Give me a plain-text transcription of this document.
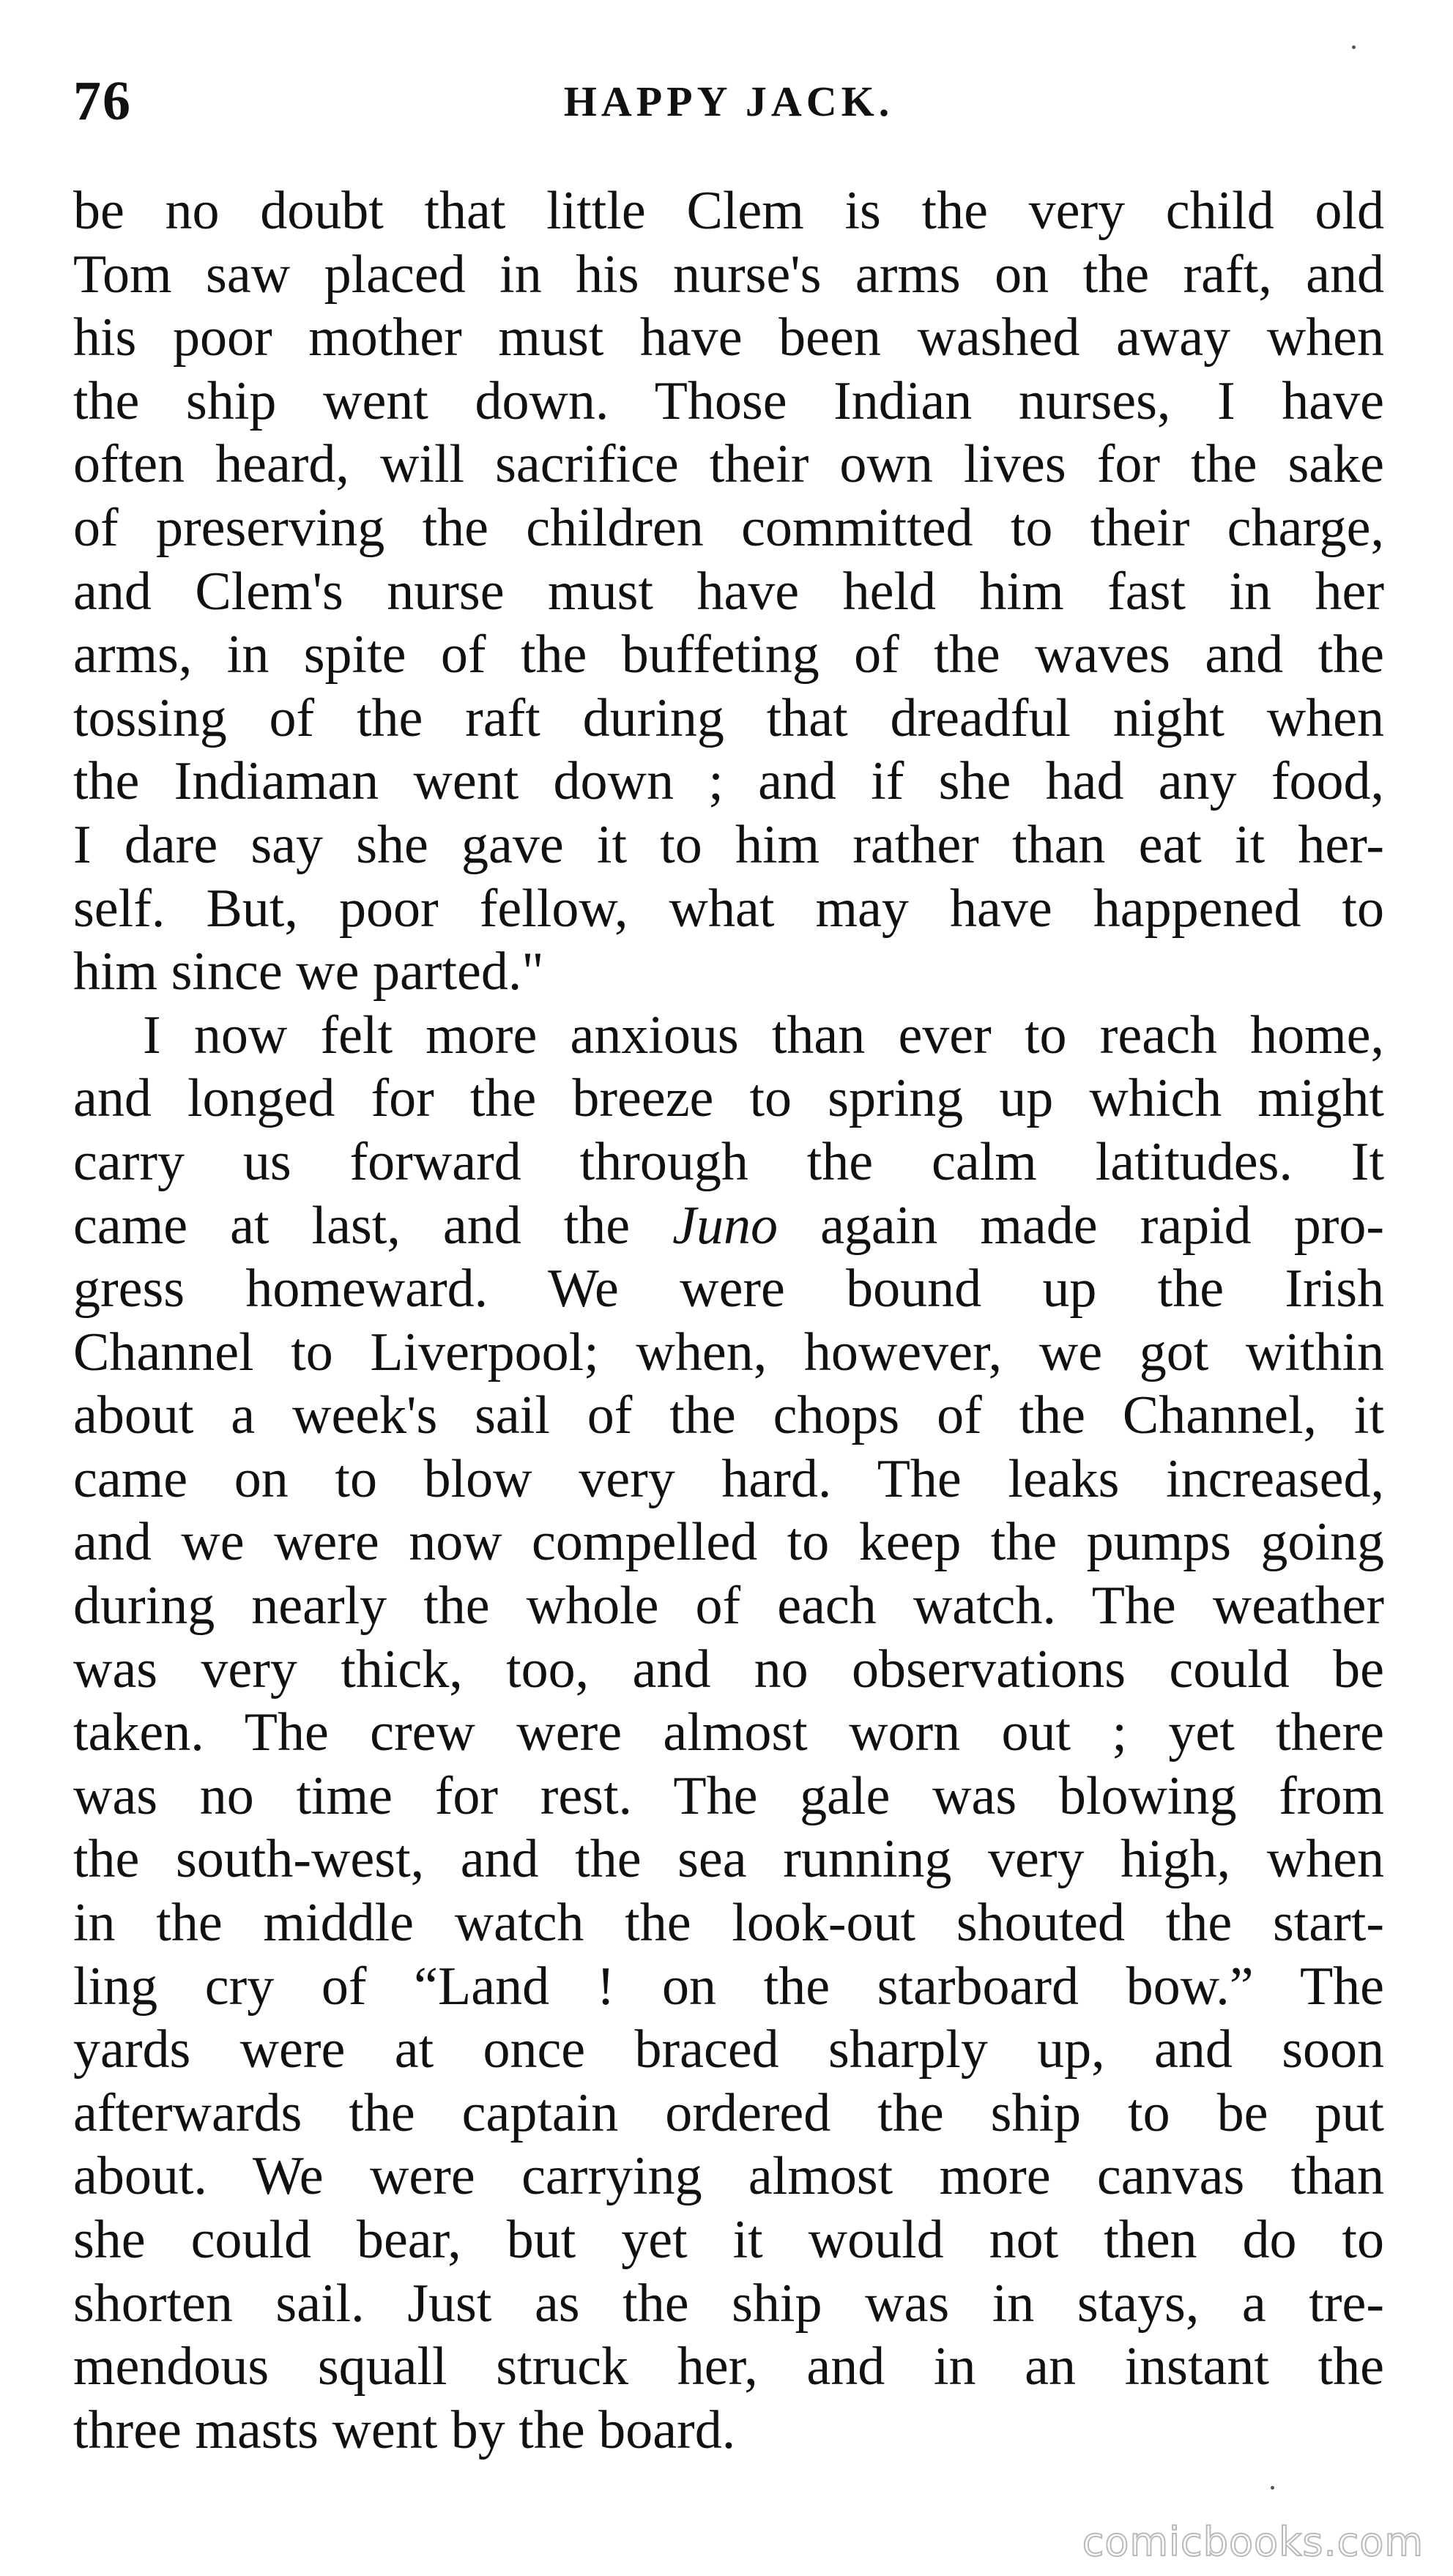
76	HAPPY JACK.
be no doubt that little Clem is the very child old
Tom saw placed in his nurse's arms on the raft, and
his poor mother must have been washed away when
the ship went down. Those Indian nurses, I have
often heard, will sacrifice their own lives for the sake
of preserving the children committed to their charge,
and Clem's nurse must have held him fast in her
arms, in spite of the buffeting of the waves and the
tossing of the raft during that dreadful night when
the Indiaman went down ; and if she had any food,
I dare say she gave it to him rather than eat it her-
self. But, poor fellow, what may have happened to
him since we parted."
I now felt more anxious than ever to reach home,
and longed for the breeze to spring up which might
carry us forward through the calm latitudes. It
came at last, and the Juno again made rapid pro-
gress homeward. We were bound up the Irish
Channel to Liverpool; when, however, we got within
about a week's sail of the chops of the Channel, it
came on to blow very hard. The leaks increased,
and we were now compelled to keep the pumps going
during nearly the whole of each watch. The weather
was very thick, too, and no observations could be
taken. The crew were almost worn out ; yet there
was no time for rest. The gale was blowing from
the south-west, and the sea running very high, when
in the middle watch the look-out shouted the start-
ling cry of “Land ! on the starboard bow.” The
yards were at once braced sharply up, and soon
afterwards the captain ordered the ship to be put
about. We were carrying almost more canvas than
she could bear, but yet it would not then do to
shorten sail. Just as the ship was in stays, a tre-
mendous squall struck her, and in an instant the
three masts went by the board.
comicbooks.com
